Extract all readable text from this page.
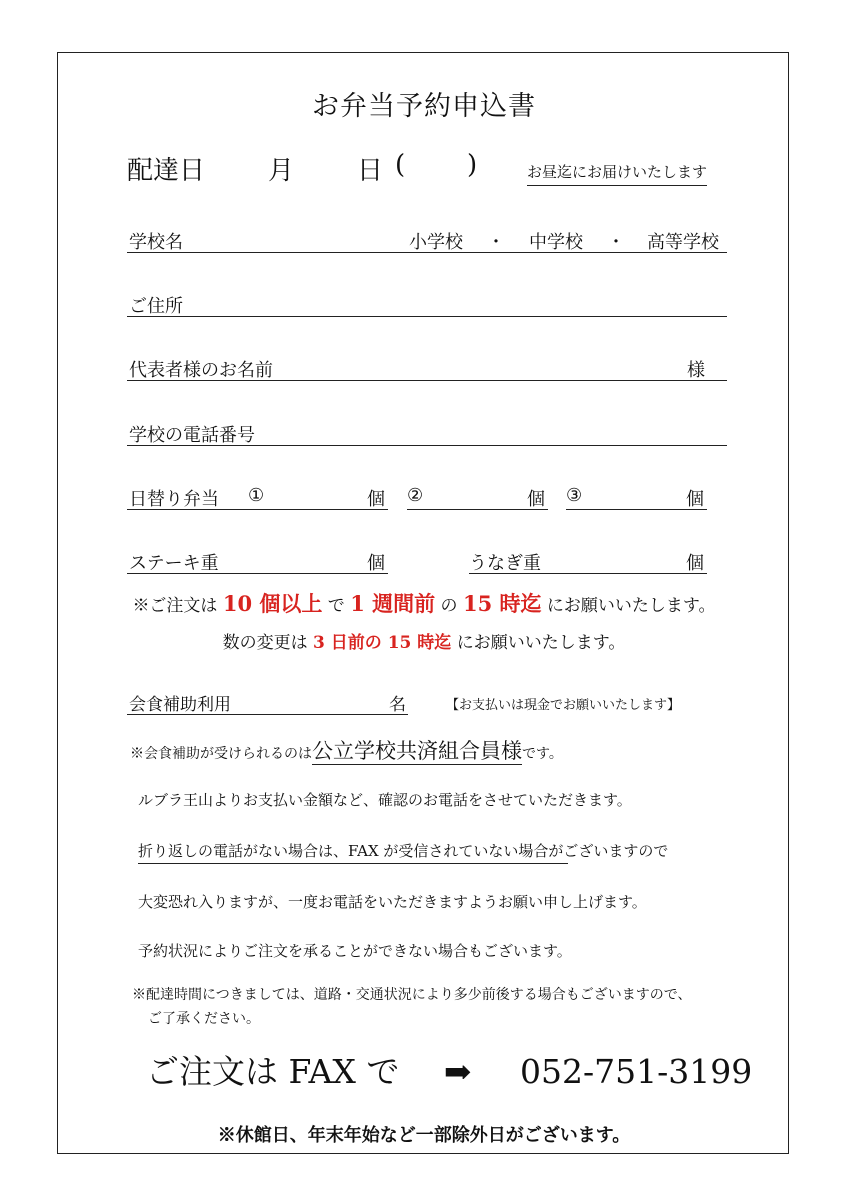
お弁当予約申込書
配達日 月 日 ( )	お昼迄にお届けいたします
学校名	小学校 ・ 中学校 ・ 高等学校
ご住所
代表者様のお名前	様
学校の電話番号
日替り弁当 ①	個 ②	個 ③	個
ステーキ重	個	うなぎ重	個
※ご注文は 10 個以上 で 1 週間前 の 15 時迄 にお願いいたします。
数の変更は 3 日前の 15 時迄 にお願いいたします。
会食補助利用	名	【お支払いは現金でお願いいたします】
※会食補助が受けられるのは公立学校共済組合員様です。
ルブラ王山よりお支払い金額など、確認のお電話をさせていただきます。
折り返しの電話がない場合は、FAX が受信されていない場合がございますので
大変恐れ入りますが、一度お電話をいただきますようお願い申し上げます。
予約状況によりご注文を承ることができない場合もございます。
※配達時間につきましては、道路・交通状況により多少前後する場合もございますので、
ご了承ください。
ご注文は FAX で ➡ 052-751-3199
※休館日、年末年始など一部除外日がございます。
